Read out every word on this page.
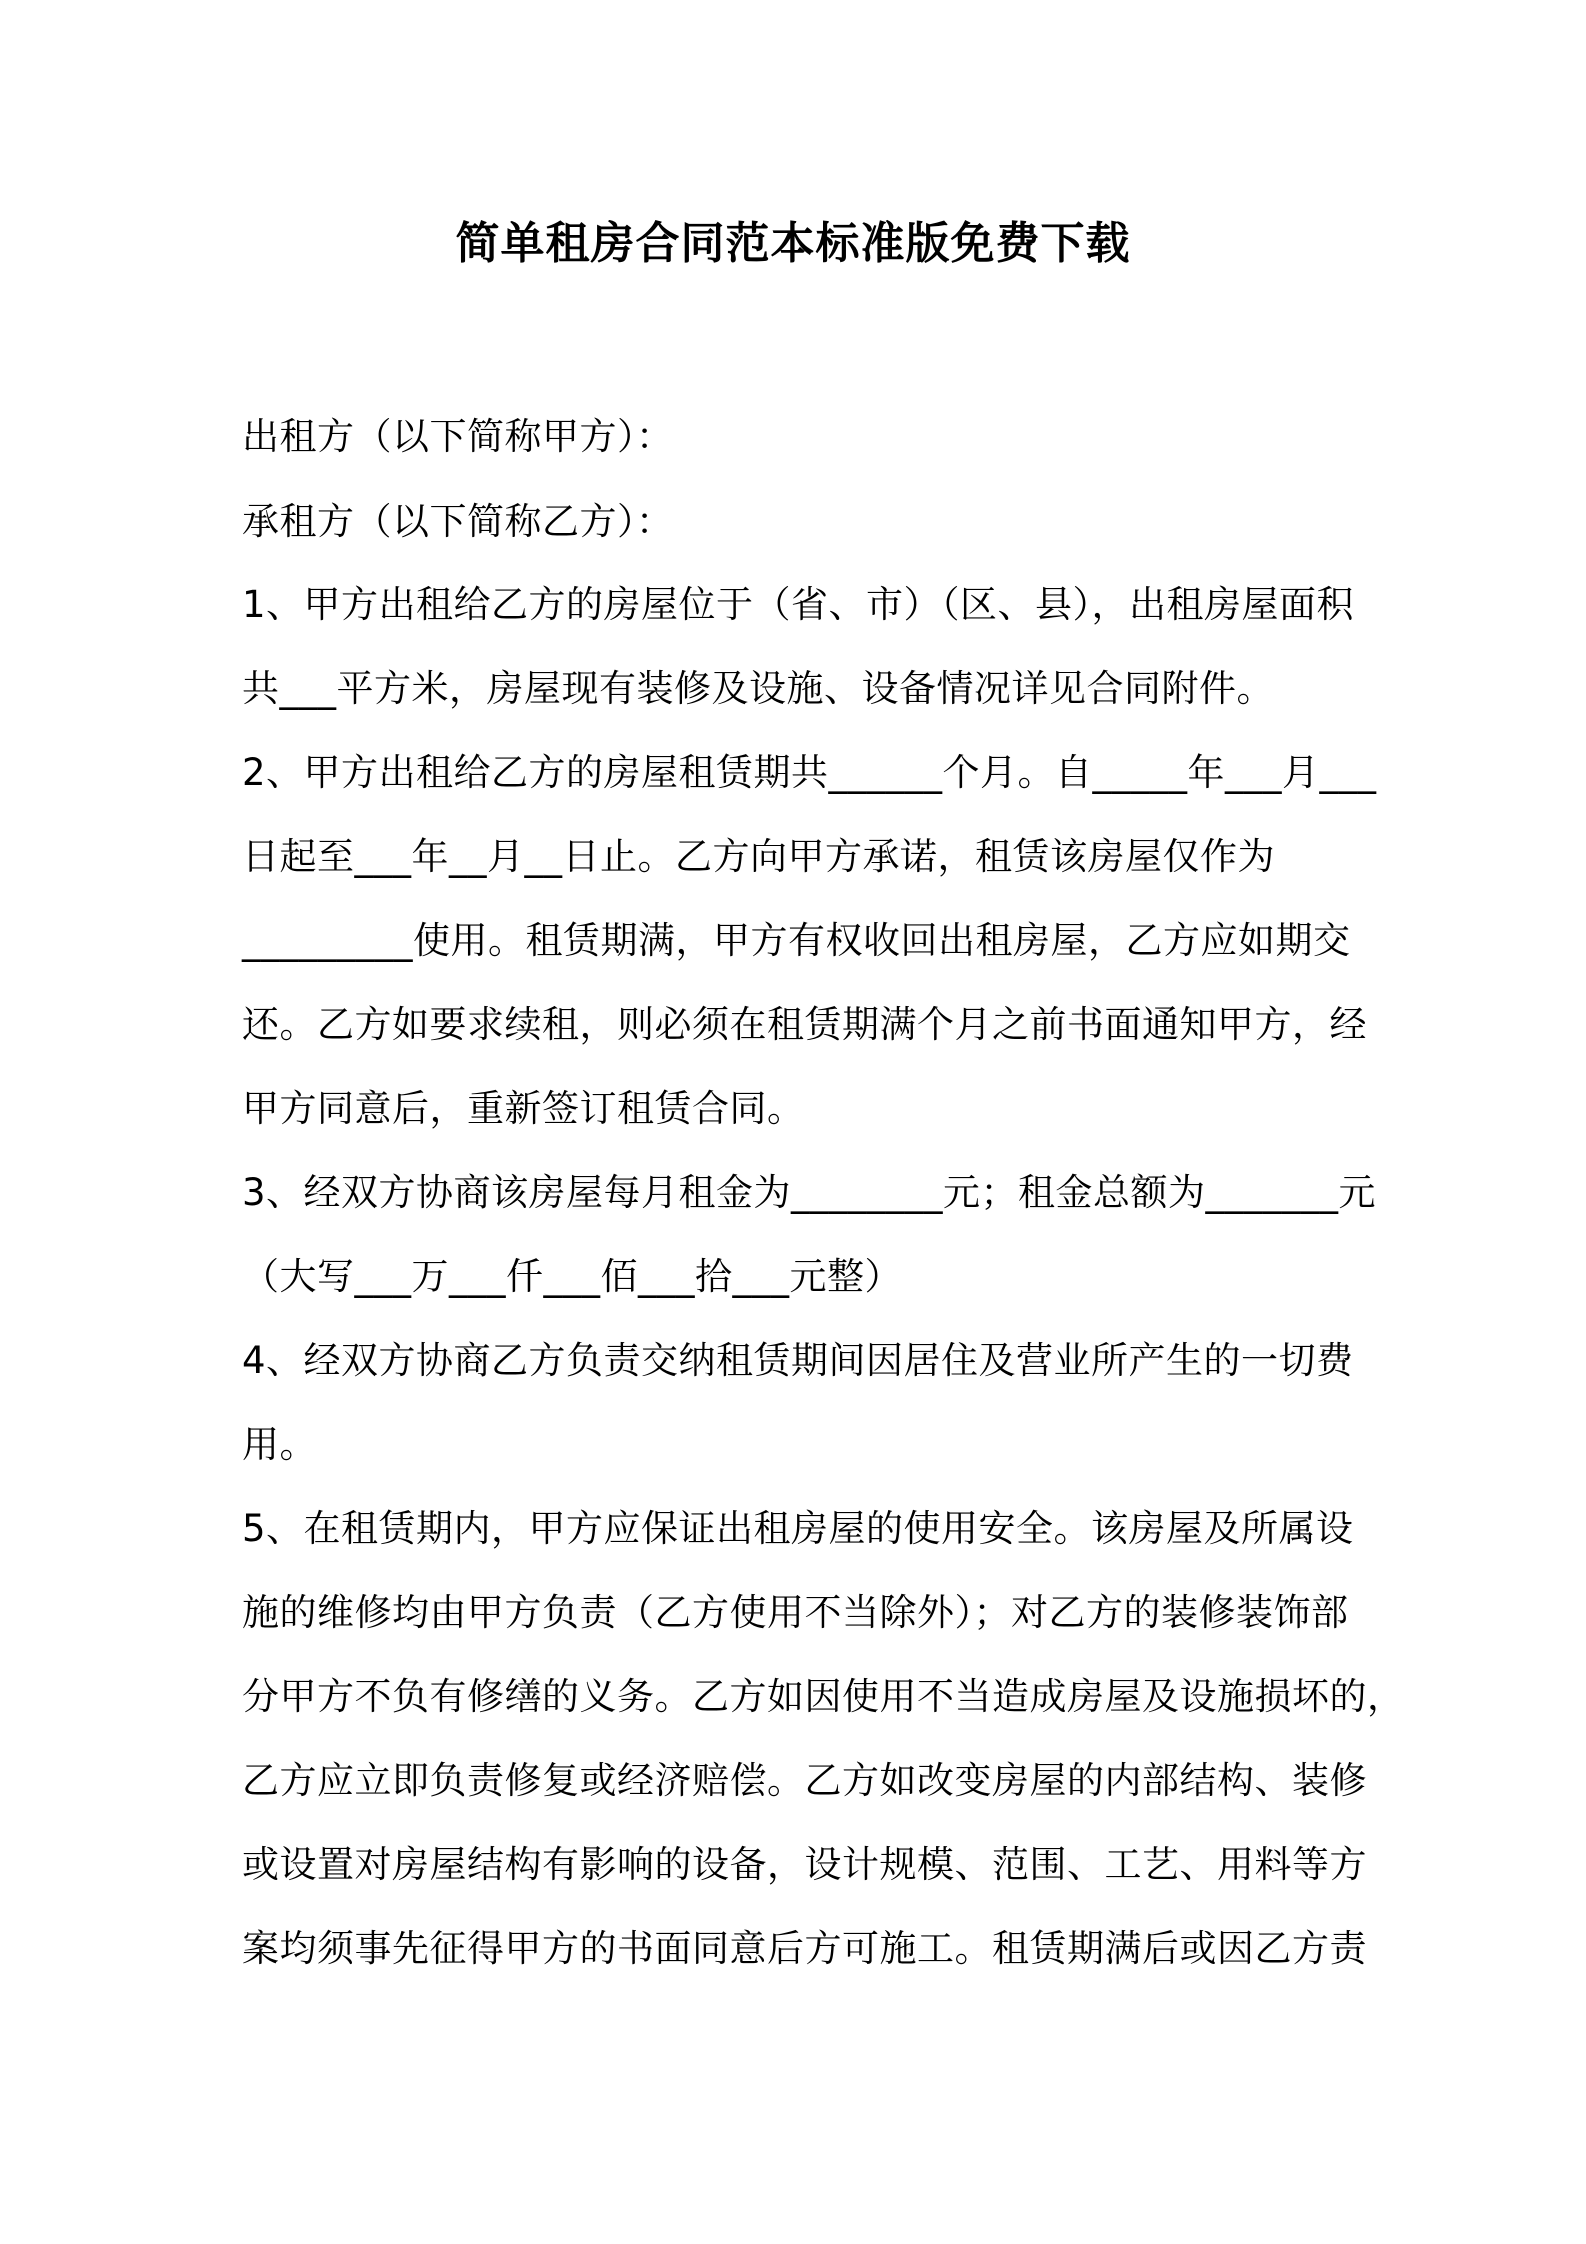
简单租房合同范本标准版免费下载
出租方（以下简称甲方）：
承租方（以下简称乙方）：
1、甲方出租给乙方的房屋位于（省、市）（区、县），出租房屋面积
共___平方米，房屋现有装修及设施、设备情况详见合同附件。
2、甲方出租给乙方的房屋租赁期共______个月。自_____年___月___
日起至___年__月__日止。乙方向甲方承诺，租赁该房屋仅作为
_________使用。租赁期满，甲方有权收回出租房屋，乙方应如期交
还。乙方如要求续租，则必须在租赁期满个月之前书面通知甲方，经
甲方同意后，重新签订租赁合同。
3、经双方协商该房屋每月租金为________元；租金总额为_______元
（大写___万___仟___佰___拾___元整）
4、经双方协商乙方负责交纳租赁期间因居住及营业所产生的一切费
用。
5、在租赁期内，甲方应保证出租房屋的使用安全。该房屋及所属设
施的维修均由甲方负责（乙方使用不当除外）；对乙方的装修装饰部
分甲方不负有修缮的义务。乙方如因使用不当造成房屋及设施损坏的，
乙方应立即负责修复或经济赔偿。乙方如改变房屋的内部结构、装修
或设置对房屋结构有影响的设备，设计规模、范围、工艺、用料等方
案均须事先征得甲方的书面同意后方可施工。租赁期满后或因乙方责
